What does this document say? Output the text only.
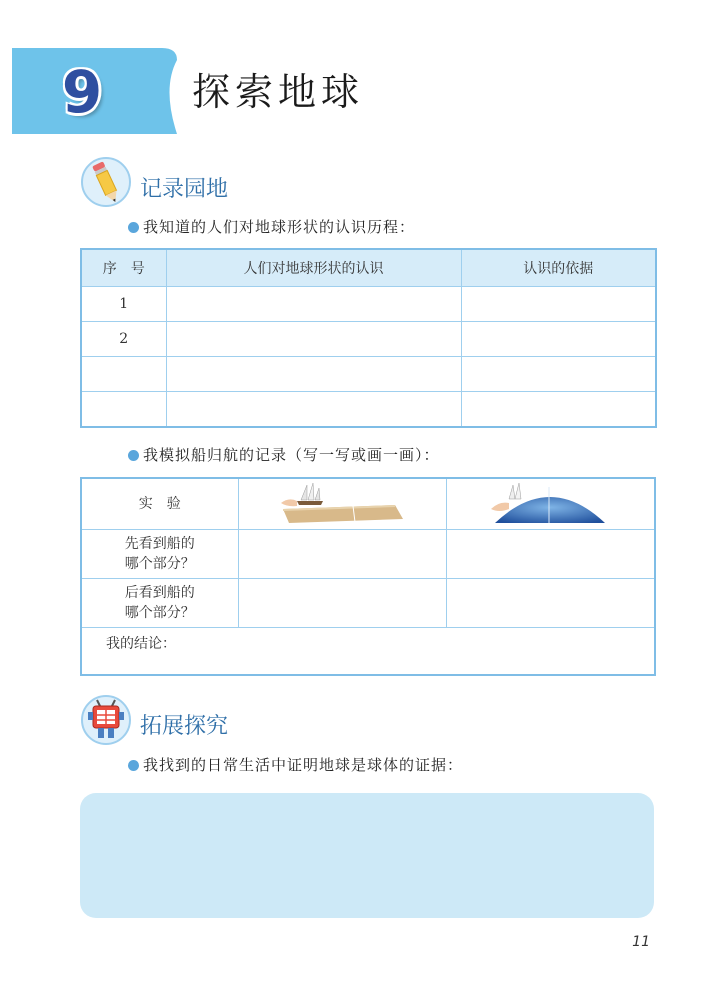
9	探索地球
记录园地
我知道的人们对地球形状的认识历程：
序　号	人们对地球形状的认识	认识的依据
1		
2		

我模拟船归航的记录（写一写或画一画）：
实　验		

先看到船的
哪个部分？		

后看到船的
哪个部分？		

我的结论：		
拓展探究
我找到的日常生活中证明地球是球体的证据：
11
